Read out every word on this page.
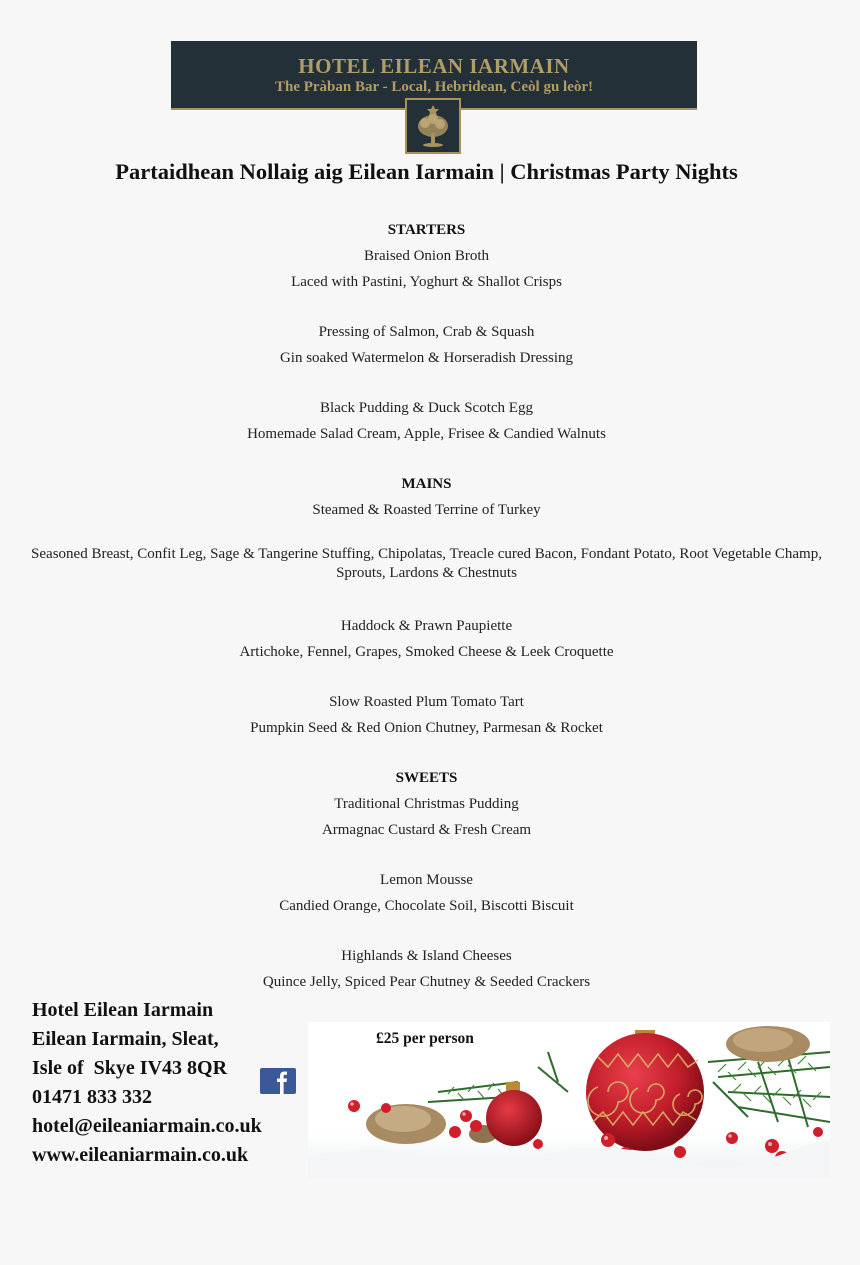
HOTEL EILEAN IARMAIN
The Pràban Bar - Local, Hebridean, Ceòl gu leòr!
Partaidhean Nollaig aig Eilean Iarmain | Christmas Party Nights
STARTERS
Braised Onion Broth
Laced with Pastini, Yoghurt & Shallot Crisps
Pressing of Salmon, Crab & Squash
Gin soaked Watermelon & Horseradish Dressing
Black Pudding & Duck Scotch Egg
Homemade Salad Cream, Apple, Frisee & Candied Walnuts
MAINS
Steamed & Roasted Terrine of Turkey
Seasoned Breast, Confit Leg, Sage & Tangerine Stuffing, Chipolatas, Treacle cured Bacon, Fondant Potato, Root Vegetable Champ, Sprouts, Lardons & Chestnuts
Haddock & Prawn Paupiette
Artichoke, Fennel, Grapes, Smoked Cheese & Leek Croquette
Slow Roasted Plum Tomato Tart
Pumpkin Seed & Red Onion Chutney, Parmesan & Rocket
SWEETS
Traditional Christmas Pudding
Armagnac Custard & Fresh Cream
Lemon Mousse
Candied Orange, Chocolate Soil, Biscotti Biscuit
Highlands & Island Cheeses
Quince Jelly, Spiced Pear Chutney & Seeded Crackers
Hotel Eilean Iarmain
Eilean Iarmain, Sleat,
Isle of  Skye IV43 8QR
01471 833 332
hotel@eileaniarmain.co.uk
www.eileaniarmain.co.uk
£25 per person
